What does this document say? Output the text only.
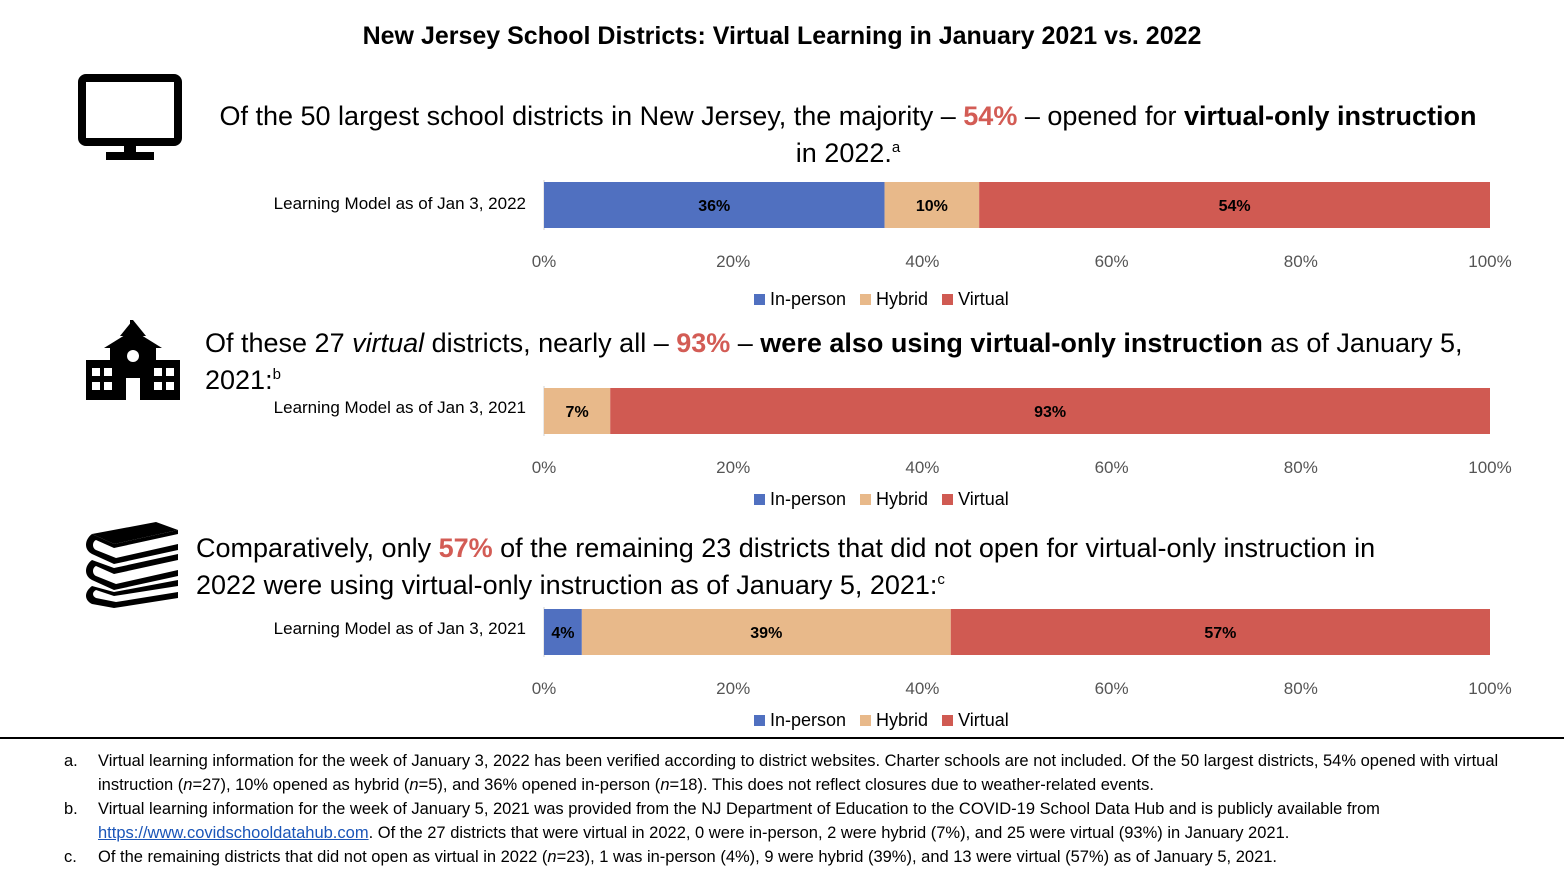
New Jersey School Districts: Virtual Learning in January 2021 vs. 2022
Of the 50 largest school districts in New Jersey, the majority – 54% – opened for virtual-only instruction
in 2022.$^a$
Of these 27 virtual districts, nearly all – 93% – were also using virtual-only instruction as of January 5,
2021:$^b$
Comparatively, only 57% of the remaining 23 districts that did not open for virtual-only instruction in
2022 were using virtual-only instruction as of January 5, 2021:$^c$
Learning Model as of Jan 3, 2022	36%	10%	54%
0%	20%	40%	60%	80%	100%
In-person Hybrid Virtual
Learning Model as of Jan 3, 2021 7%	93%
0%	20%	40%	60%	80%	100%
In-person Hybrid Virtual
Learning Model as of Jan 3, 2021 4%	39%	57%
0%	20%	40%	60%	80%	100%
In-person Hybrid Virtual
a.	Virtual learning information for the week of January 3, 2022 has been verified according to district websites. Charter schools are not included. Of the 50 largest districts, 54% opened with virtual instruction (n=27), 10% opened as hybrid (n=5), and 36% opened in-person (n=18). This does not reflect closures due to weather-related events.
b.	Virtual learning information for the week of January 5, 2021 was provided from the NJ Department of Education to the COVID-19 School Data Hub and is publicly available from https://www.covidschooldatahub.com. Of the 27 districts that were virtual in 2022, 0 were in-person, 2 were hybrid (7%), and 25 were virtual (93%) in January 2021.
c.	Of the remaining districts that did not open as virtual in 2022 (n=23), 1 was in-person (4%), 9 were hybrid (39%), and 13 were virtual (57%) as of January 5, 2021.
